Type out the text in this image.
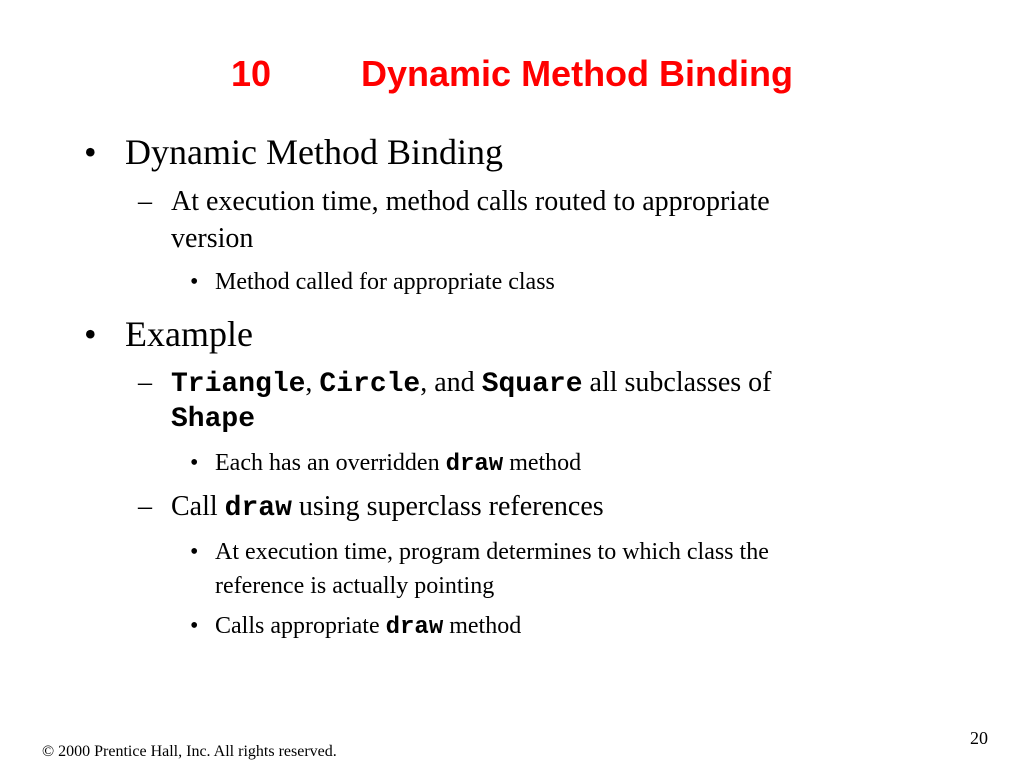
10 Dynamic Method Binding
• Dynamic Method Binding
– At execution time, method calls routed to appropriate
version
• Method called for appropriate class
• Example
– Triangle, Circle, and Square all subclasses of
Shape
• Each has an overridden draw method
– Call draw using superclass references
• At execution time, program determines to which class the
reference is actually pointing
• Calls appropriate draw method
© 2000 Prentice Hall, Inc. All rights reserved.
20
